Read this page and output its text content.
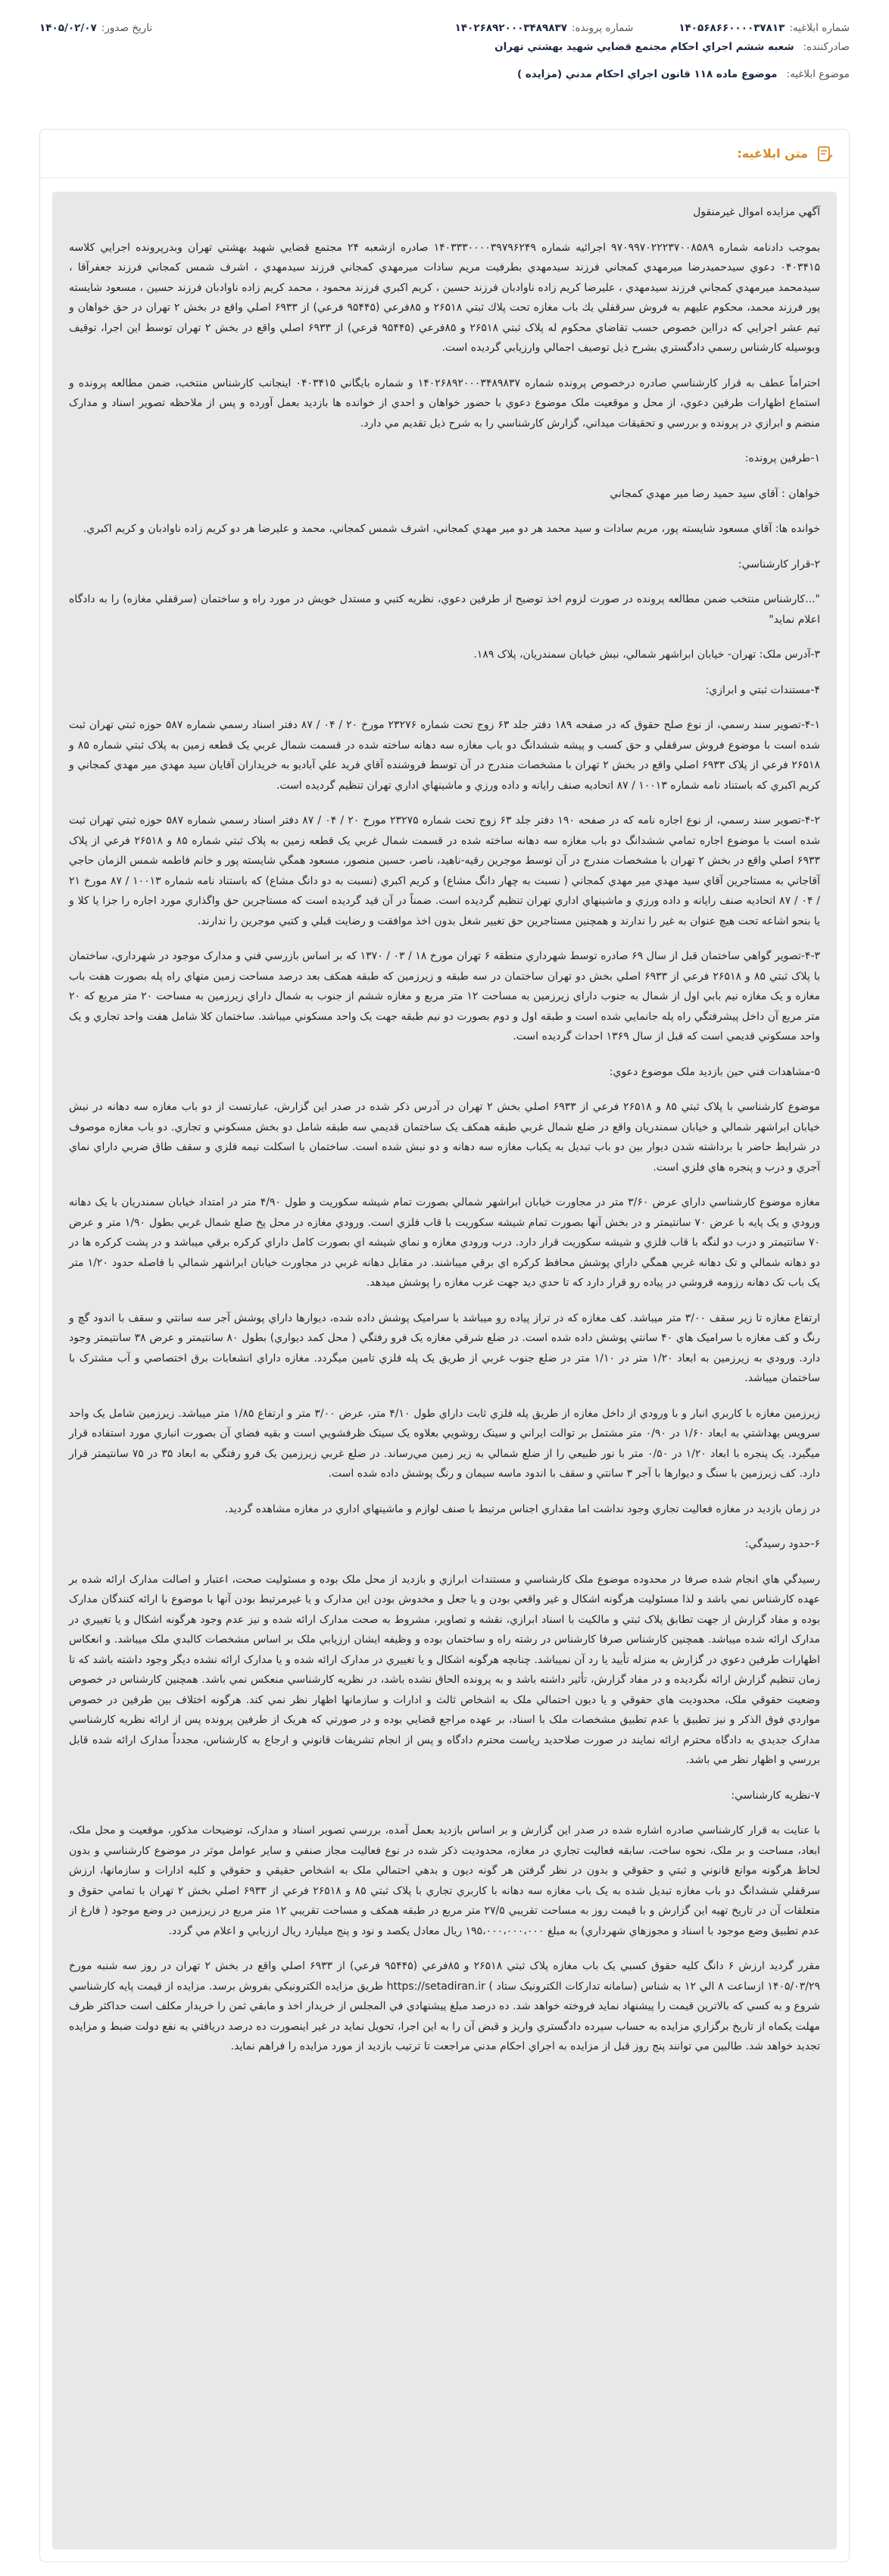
شماره ابلاغيه:۱۴۰۵۶۸۶۶۰۰۰۰۳۷۸۱۳
شماره پرونده:۱۴۰۲۶۸۹۲۰۰۰۳۴۸۹۸۳۷
تاريخ صدور:۱۴۰۵/۰۲/۰۷
صادرکننده:
شعبه ششم اجراي احکام مجتمع قضايي شهيد بهشتي تهران
موضوع ابلاغيه:
موضوع ماده ۱۱۸ قانون اجراي احکام مدني (مزايده )
متن ابلاغيه:

آگهي مزايده اموال غيرمنقول

بموجب دادنامه شماره ۹۷۰۹۹۷۰۲۲۲۳۷۰۰۸۵۸۹ اجرائيه شماره ۱۴۰۳۳۳۰۰۰۰۳۹۷۹۶۲۴۹ صادره ازشعبه ۲۴ مجتمع قضايي شهيد بهشتي تهران وبدرپرونده اجرايي كلاسه ۰۴۰۳۴۱۵ دعوي سيدحميدرضا ميرمهدي كمجاني فرزند سيدمهدي بطرفيت مريم سادات ميرمهدي كمجاني فرزند سيدمهدي ، اشرف شمس كمجاني فرزند جعفرآقا ، سيدمحمد ميرمهدي كمجاني فرزند سيدمهدي ، عليرضا كريم زاده ناوادبان فرزند حسين ، كريم اكبري فرزند محمود ، محمد كريم زاده ناوادبان فرزند حسين ، مسعود شايسته پور فرزند محمد، محكوم عليهم به فروش سرقفلي يك باب مغازه تحت پلاك ثبتي ۲۶۵۱۸ و ۸۵فرعي (۹۵۴۴۵ فرعي) از ۶۹۳۳ اصلي واقع در بخش ۲ تهران در حق خواهان و تيم عشر اجرايي که درااين خصوص حسب تقاضاي محکوم له پلاک ثبتي ۲۶۵۱۸ و ۸۵فرعي (۹۵۴۴۵ فرعي) از ۶۹۳۳ اصلي واقع در بخش ۲ تهران توسط اين اجرا، توقيف وبوسيله کارشناس رسمي دادگستري بشرح ذيل توصيف اجمالي وارزيابي گرديده است.

احتراماً عطف به قرار کارشناسي صادره درخصوص پرونده شماره ۱۴۰۲۶۸۹۲۰۰۰۳۴۸۹۸۳۷ و شماره بايگاني ۰۴۰۳۴۱۵ اينجانب کارشناس منتخب، ضمن مطالعه پرونده و استماع اظهارات طرفين دعوي، از محل و موقعيت ملک موضوع دعوي با حضور خواهان و احدي از خوانده ها بازديد بعمل آورده و پس از ملاحظه تصوير اسناد و مدارک منضم و ابرازي در پرونده و بررسي و تحقيقات ميداني، گزارش کارشناسي را به شرح ذيل تقديم مي دارد.

۱-طرفين پرونده:

خواهان : آقاي سيد حميد رضا مير مهدي کمجاني

خوانده ها: آقاي مسعود شايسته پور، مريم سادات و سيد محمد هر دو مير مهدي کمجاني، اشرف شمس کمجاني، محمد و عليرضا هر دو کريم زاده ناوادبان و کريم اکبري.

۲-قرار کارشناسي:

"...كارشناس منتخب ضمن مطالعه پرونده در صورت لزوم اخذ توضيح از طرفين دعوي، نظريه کتبي و مستدل خويش در مورد راه و ساختمان (سرقفلي مغازه) را به دادگاه اعلام نمايد"

۳-آدرس ملک: تهران- خيابان ابراشهر شمالي، نبش خيابان سمندريان، پلاک ۱۸۹.

۴-مستندات ثبتي و ابرازي:

۴-۱-تصوير سند رسمي، از نوع صلح حقوق که در صفحه ۱۸۹ دفتر جلد ۶۳ زوج تحت شماره ۲۳۲۷۶ مورخ ۲۰ / ۰۴ / ۸۷ دفتر اسناد رسمي شماره ۵۸۷ حوزه ثبتي تهران ثبت شده است با موضوع فروش سرقفلي و حق کسب و پيشه ششدانگ دو باب مغازه سه دهانه ساخته شده در قسمت شمال غربي يک قطعه زمين به پلاک ثبتي شماره ۸۵ و ۲۶۵۱۸ فرعي از پلاک ۶۹۳۳ اصلي واقع در بخش ۲ تهران با مشخصات مندرج در آن توسط فروشنده آقاي فريد علي آباديو به خريداران آقايان سيد مهدي مير مهدي کمجاني و کريم اکبري که باستناد نامه شماره ۱۰۰۱۳ / ۸۷ اتحاديه صنف رايانه و داده ورزي و ماشينهاي اداري تهران تنظيم گرديده است.

۴-۲-تصوير سند رسمي، از نوع اجاره نامه که در صفحه ۱۹۰ دفتر جلد ۶۳ زوج تحت شماره ۲۳۲۷۵ مورخ ۲۰ / ۰۴ / ۸۷ دفتر اسناد رسمي شماره ۵۸۷ حوزه ثبتي تهران ثبت شده است با موضوع اجاره تمامي ششدانگ دو باب مغازه سه دهانه ساخته شده در قسمت شمال غربي يک قطعه زمين به پلاک ثبتي شماره ۸۵ و ۲۶۵۱۸ فرعي از پلاک ۶۹۳۳ اصلي واقع در بخش ۲ تهران با مشخصات مندرج در آن توسط موجرين رقيه-ناهيد، ناصر، حسين منصور، مسعود همگي شايسته پور و خانم فاطمه شمس الزمان حاجي آقاجاني به مستاجرين آقاي سيد مهدي مير مهدي کمجاني ( نسبت به چهار دانگ مشاع) و کريم اکبري (نسبت به دو دانگ مشاع) که باستناد نامه شماره ۱۰۰۱۳ / ۸۷ مورخ ۲۱ / ۰۴ / ۸۷ اتحاديه صنف رايانه و داده ورزي و ماشينهاي اداري تهران تنظيم گرديده است. ضمناً در آن قيد گرديده است که مستاجرين حق واگذاري مورد اجاره را جزا يا کلا و يا بنحو اشاعه تحت هيچ عنوان به غير را ندارند و همچنين مستاجرين حق تغيير شغل بدون اخذ موافقت و رضايت قبلي و كتبي موجرين را ندارند.

۴-۳-تصوير گواهي ساختمان قبل از سال ۶۹ صادره توسط شهرداري منطقه ۶ تهران مورخ ۱۸ / ۰۳ / ۱۳۷۰ که بر اساس بازرسي فني و مدارک موجود در شهرداري، ساختمان با پلاک ثبتي ۸۵ و ۲۶۵۱۸ فرعي از ۶۹۳۳ اصلي بخش دو تهران ساختمان در سه طبقه و زيرزمين که طبقه همکف بعد درصد مساحت زمين منهاي راه پله بصورت هفت باب مغازه و يک مغازه نيم بابي اول از شمال به جنوب داراي زيرزمين به مساحت ۱۲ متر مربع و مغازه ششم از جنوب به شمال داراي زيرزمين به مساحت ۲۰ متر مربع که ۲۰ متر مربع آن داخل پيشرفتگي راه پله جانمايي شده است و طبقه اول و دوم بصورت دو نيم طبقه جهت يک واحد مسکوني ميباشد. ساختمان کلا شامل هفت واحد تجاري و يک واحد مسکوني قديمي است که قبل از سال ۱۳۶۹ احداث گرديده است.

۵-مشاهدات فني حين بازديد ملک موضوع دعوي:

موضوع كارشناسي با پلاک ثبتي ۸۵ و ۲۶۵۱۸ فرعي از ۶۹۳۳ اصلي بخش ۲ تهران در آدرس ذکر شده در صدر اين گزارش، عبارتست از دو باب مغازه سه دهانه در نبش خيابان ابراشهر شمالي و خيابان سمندريان واقع در ضلع شمال غربي طبقه همکف يک ساختمان قديمي سه طبقه شامل دو بخش مسکوني و تجاري. دو باب مغازه موصوف در شرايط حاضر با برداشته شدن ديوار بين دو باب تبديل به يکباب مغازه سه دهانه و دو نبش شده است. ساختمان با اسکلت نيمه فلزي و سقف طاق ضربي داراي نماي آجري و درب و پنجره هاي فلزي است.

مغازه موضوع کارشناسي داراي عرض ۳/۶۰ متر در مجاورت خيابان ابراشهر شمالي بصورت تمام شيشه سکوريت و طول ۴/۹۰ متر در امتداد خيابان سمندريان با يک دهانه ورودي و يک پايه با عرض ۷۰ سانتيمتر و در بخش آنها بصورت تمام شيشه سکوريت با قاب فلزي است. ورودي مغازه در محل پخ ضلع شمال غربي بطول ۱/۹۰ متر و عرض ۷۰ سانتيمتر و درب دو لنگه با قاب فلزي و شيشه سکوريت قرار دارد. درب ورودي مغازه و نماي شيشه اي بصورت کامل داراي کرکره برقي ميباشد و در پشت کرکره ها در دو دهانه شمالي و تک دهانه غربي همگي داراي پوشش محافظ کرکره اي برقي ميباشند. در مقابل دهانه غربي در مجاورت خيابان ابراشهر شمالي با فاصله حدود ۱/۲۰ متر يک باب تک دهانه رزومه فروشي در پياده رو قرار دارد که تا حدي ديد جهت غرب مغازه را پوشش ميدهد.

ارتفاع مغازه تا زير سقف ۳/۰۰ متر ميباشد. کف مغازه که در تراز پياده رو ميباشد با سراميک پوشش داده شده، ديوارها داراي پوشش آجر سه سانتي و سقف با اندود گچ و رنگ و کف مغازه با سراميک هاي ۴۰ سانتي پوشش داده شده است. در ضلع شرقي مغازه يک فرو رفتگي ( محل کمد ديواري) بطول ۸۰ سانتيمتر و عرض ۳۸ سانتيمتر وجود دارد. ورودي به زيرزمين به ابعاد ۱/۲۰ متر در ۱/۱۰ متر در ضلع جنوب غربي از طريق يک پله فلزي تامين ميگردد. مغازه داراي انشعابات برق اختصاصي و آب مشترک با ساختمان ميباشد.

زيرزمين مغازه با کاربري انبار و با ورودي از داخل مغازه از طريق پله فلزي ثابت داراي طول ۴/۱۰ متر، عرض ۳/۰۰ متر و ارتفاع ۱/۸۵ متر ميباشد. زيرزمين شامل يک واحد سرويس بهداشتي به ابعاد ۱/۶۰ در ۰/۹۰ متر مشتمل بر توالت ايراني و سينک روشويي بعلاوه يک سينک ظرفشويي است و بقيه فضاي آن بصورت انباري مورد استفاده قرار ميگيرد. يک پنجره با ابعاد ۱/۲۰ در ۰/۵۰ متر با نور طبيعي را از ضلع شمالي به زير زمين مي‌رساند. در ضلع غربي زيرزمين يک فرو رفتگي به ابعاد ۳۵ در ۷۵ سانتيمتر قرار دارد. کف زيرزمين با سنگ و ديوارها با آجر ۳ سانتي و سقف با اندود ماسه سيمان و رنگ پوشش داده شده است.

در زمان بازديد در مغازه فعاليت تجاري وجود نداشت اما مقداري اجناس مرتبط با صنف لوازم و ماشينهاي اداري در مغازه مشاهده گرديد.

۶-حدود رسيدگي:

رسيدگي هاي انجام شده صرفا در محدوده موضوع ملک کارشناسي و مستندات ابرازي و بازديد از محل ملک بوده و مسئوليت صحت، اعتبار و اصالت مدارک ارائه شده بر عهده کارشناس نمي باشد و لذا مسئوليت هرگونه اشکال و غير واقعي بودن و يا جعل و مخدوش بودن اين مدارک و يا غيرمرتبط بودن آنها با موضوع با ارائه کنندگان مدارک بوده و مفاد گزارش از جهت تطابق پلاک ثبتي و مالکيت با اسناد ابرازي، نقشه و تصاوير، مشروط به صحت مدارک ارائه شده و نيز عدم وجود هرگونه اشکال و يا تغييري در مدارک ارائه شده ميباشد. همچنين کارشناس صرفا کارشناس در رشته راه و ساختمان بوده و وظيفه ايشان ارزيابي ملک بر اساس مشخصات کالبدي ملک ميباشد. و انعکاس اظهارات طرفين دعوي در گزارش به منزله تأييد يا رد آن نميباشد. چنانچه هرگونه اشکال و يا تغييري در مدارک ارائه شده و يا مدارک ارائه نشده ديگر وجود داشته باشد که تا زمان تنظيم گزارش ارائه نگرديده و در مفاد گزارش، تأثير داشته باشد و به پرونده الحاق نشده باشد، در نظريه کارشناسي منعکس نمي باشد. همچنين کارشناس در خصوص وضعيت حقوقي ملک، محدوديت هاي حقوقي و يا ديون احتمالي ملک به اشخاص ثالث و ادارات و سازمانها اظهار نظر نمي کند. هرگونه اختلاف بين طرفين در خصوص مواردي فوق الذکر و نيز تطبيق يا عدم تطبيق مشخصات ملک با اسناد، بر عهده مراجع قضايي بوده و در صورتي که هريک از طرفين پرونده پس از ارائه نظريه کارشناسي مدارک جديدي به دادگاه محترم ارائه نمايند در صورت صلاحديد رياست محترم دادگاه و پس از انجام تشريفات قانوني و ارجاع به کارشناس، مجدداً مدارک ارائه شده قابل بررسي و اظهار نظر مي باشد.

۷-نظريه کارشناسي:

با عنايت به قرار کارشناسي صادره اشاره شده در صدر اين گزارش و بر اساس بازديد بعمل آمده، بررسي تصوير اسناد و مدارک، توضيحات مذکور، موقعيت و محل ملک، ابعاد، مساحت و بر ملک، نحوه ساخت، سابقه فعاليت تجاري در مغازه، محدوديت ذکر شده در نوع فعاليت مجاز صنفي و ساير عوامل موثر در موضوع کارشناسي و بدون لحاظ هرگونه موانع قانوني و ثبتي و حقوقي و بدون در نظر گرفتن هر گونه ديون و بدهي احتمالي ملک به اشخاص حقيقي و حقوقي و کليه ادارات و سازمانها، ارزش سرقفلي ششدانگ دو باب مغازه تبديل شده به يک باب مغازه سه دهانه با کاربري تجاري با پلاک ثبتي ۸۵ و ۲۶۵۱۸ فرعي از ۶۹۳۳ اصلي بخش ۲ تهران با تمامي حقوق و متعلقات آن در تاريخ تهيه اين گزارش و با قيمت روز به مساحت تقريبي ۲۷/۵ متر مربع در طبقه همکف و مساحت تقريبي ۱۲ متر مربع در زيرزمين در وضع موجود ( فارغ از عدم تطبيق وضع موجود با اسناد و مجوزهاي شهرداري) به مبلغ ۱۹۵،۰۰۰،۰۰۰،۰۰۰ ريال معادل يکصد و نود و پنج ميليارد ريال ارزيابي و اعلام مي گردد.

مقرر گرديد ارزش ۶ دانگ كليه حقوق كسبي يک باب مغازه پلاک ثبتي ۲۶۵۱۸ و ۸۵فرعي (۹۵۴۴۵ فرعي) از ۶۹۳۳ اصلي واقع در بخش ۲ تهران در روز سه شنبه مورخ ۱۴۰۵/۰۳/۲۹ ازساعت ۸ الي ۱۲ به شناس (سامانه تدارکات الکترونيک ستاد ) https://setadiran.ir طريق مزايده الکترونيکي بفروش برسد. مزايده از قيمت پايه کارشناسي شروع و به کسي که بالاترين قيمت را پيشنهاد نمايد فروخته خواهد شد. ده درصد مبلغ پيشنهادي في المجلس از خريدار اخذ و مابقي ثمن را خريدار مکلف است حداکثر ظرف مهلت يکماه از تاريخ برگزاري مزايده به حساب سپرده دادگستري واريز و قبض آن را به اين اجرا، تحويل نمايد در غير اينصورت ده درصد دريافتي به نفع دولت ضبط و مزايده تجديد خواهد شد. طالبين مي توانند پنج روز قبل از مزايده به اجراي احکام مدني مراجعت تا ترتيب بازديد از مورد مزايده را فراهم نمايد.
